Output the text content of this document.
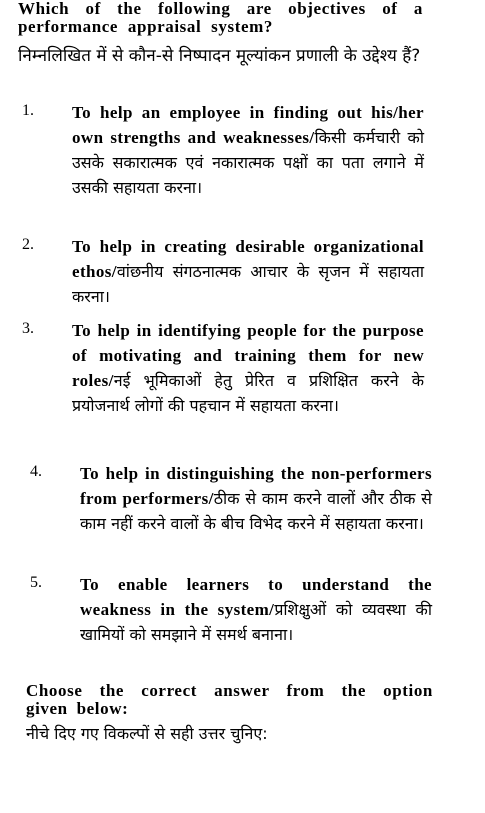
Which of the following are objectives of a performance appraisal system?
निम्नलिखित में से कौन-से निष्पादन मूल्यांकन प्रणाली के उद्देश्य हैं?
1. To help an employee in finding out his/her own strengths and weaknesses/किसी कर्मचारी को उसके सकारात्मक एवं नकारात्मक पक्षों का पता लगाने में उसकी सहायता करना।
2. To help in creating desirable organizational ethos/वांछनीय संगठनात्मक आचार के सृजन में सहायता करना।
3. To help in identifying people for the purpose of motivating and training them for new roles/नई भूमिकाओं हेतु प्रेरित व प्रशिक्षित करने के प्रयोजनार्थ लोगों की पहचान में सहायता करना।
4. To help in distinguishing the non-performers from performers/ठीक से काम करने वालों और ठीक से काम नहीं करने वालों के बीच विभेद करने में सहायता करना।
5. To enable learners to understand the weakness in the system/प्रशिक्षुओं को व्यवस्था की खामियों को समझाने में समर्थ बनाना।
Choose the correct answer from the option given below:
नीचे दिए गए विकल्पों से सही उत्तर चुनिए:
